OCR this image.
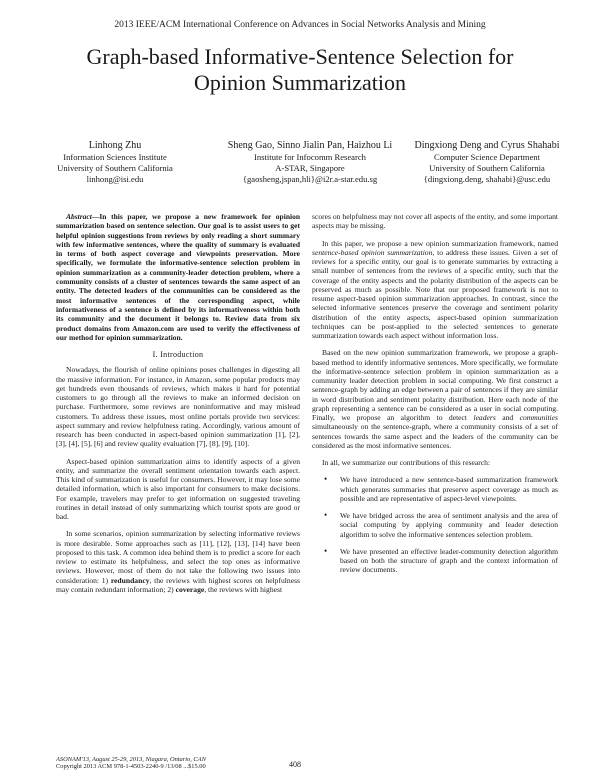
2013 IEEE/ACM International Conference on Advances in Social Networks Analysis and Mining
Graph-based Informative-Sentence Selection for
Opinion Summarization
Linhong Zhu
Information Sciences Institute
University of Southern California
linhong@isi.edu
Sheng Gao, Sinno Jialin Pan, Haizhou Li
Institute for Infocomm Research
A-STAR, Singapore
{gaosheng,jspan,hli}@i2r.a-star.edu.sg
Dingxiong Deng and Cyrus Shahabi
Computer Science Department
University of Southern California
{dingxiong.deng, shahabi}@usc.edu

Abstract—In this paper, we propose a new framework for opinion summarization based on sentence selection. Our goal is to assist users to get helpful opinion suggestions from reviews by only reading a short summary with few informative sentences, where the quality of summary is evaluated in terms of both aspect coverage and viewpoints preservation. More specifically, we formulate the informative-sentence selection problem in opinion summarization as a community-leader detection problem, where a community consists of a cluster of sentences towards the same aspect of an entity. The detected leaders of the communities can be considered as the most informative sentences of the corresponding aspect, while informativeness of a sentence is defined by its informativeness within both its community and the document it belongs to. Review data from six product domains from Amazon.com are used to verify the effectiveness of our method for opinion summarization.

I. Introduction

Nowadays, the flourish of online opinions poses challenges in digesting all the massive information. For instance, in Amazon, some popular products may get hundreds even thousands of reviews, which makes it hard for potential customers to go through all the reviews to make an informed decision on purchase. Furthermore, some reviews are noninformative and may mislead customers. To address these issues, most online portals provide two services: aspect summary and review helpfulness rating. Accordingly, various amount of research has been conducted in aspect-based opinion summarization [1], [2], [3], [4], [5], [6] and review quality evaluation [7], [8], [9], [10].

Aspect-based opinion summarization aims to identify aspects of a given entity, and summarize the overall sentiment orientation towards each aspect. This kind of summarization is useful for consumers. However, it may lose some detailed information, which is also important for consumers to make decisions. For example, travelers may prefer to get information on suggested traveling routines in detail instead of only summarizing which tourist spots are good or bad.

In some scenarios, opinion summarization by selecting informative reviews is more desirable. Some approaches such as [11], [12], [13], [14] have been proposed to this task. A common idea behind them is to predict a score for each review to estimate its helpfulness, and select the top ones as informative reviews. However, most of them do not take the following two issues into consideration: 1) redundancy, the reviews with highest scores on helpfulness may contain redundant information; 2) coverage, the reviews with highest

scores on helpfulness may not cover all aspects of the entity, and some important aspects may be missing.

In this paper, we propose a new opinion summarization framework, named sentence-based opinion summarization, to address these issues. Given a set of reviews for a specific entity, our goal is to generate summaries by extracting a small number of sentences from the reviews of a specific entity, such that the coverage of the entity aspects and the polarity distribution of the aspects can be preserved as much as possible. Note that our proposed framework is not to resume aspect-based opinion summarization approaches. In contrast, since the selected informative sentences preserve the coverage and sentiment polarity distribution of the entity aspects, aspect-based opinion summarization techniques can be post-applied to the selected sentences to generate summarization towards each aspect without information loss.

Based on the new opinion summarization framework, we propose a graph-based method to identify informative sentences. More specifically, we formulate the informative-sentence selection problem in opinion summarization as a community leader detection problem in social computing. We first construct a sentence-graph by adding an edge between a pair of sentences if they are similar in word distribution and sentiment polarity distribution. Here each node of the graph representing a sentence can be considered as a user in social computing. Finally, we propose an algorithm to detect leaders and communities simultaneously on the sentence-graph, where a community consists of a set of sentences towards the same aspect and the leaders of the community can be considered as the most informative sentences.

In all, we summarize our contributions of this research:

• We have introduced a new sentence-based summarization framework which generates summaries that preserve aspect coverage as much as possible and are representative of aspect-level viewpoints.
• We have bridged across the area of sentiment analysis and the area of social computing by applying community and leader detection algorithm to solve the informative sentences selection problem.
• We have presented an effective leader-community detection algorithm based on both the structure of graph and the context information of review documents.
ASONAM'13, August 25-29, 2013, Niagara, Ontario, CAN
Copyright 2013 ACM 978-1-4503-2240-9 /13/08 ...$15.00	408
